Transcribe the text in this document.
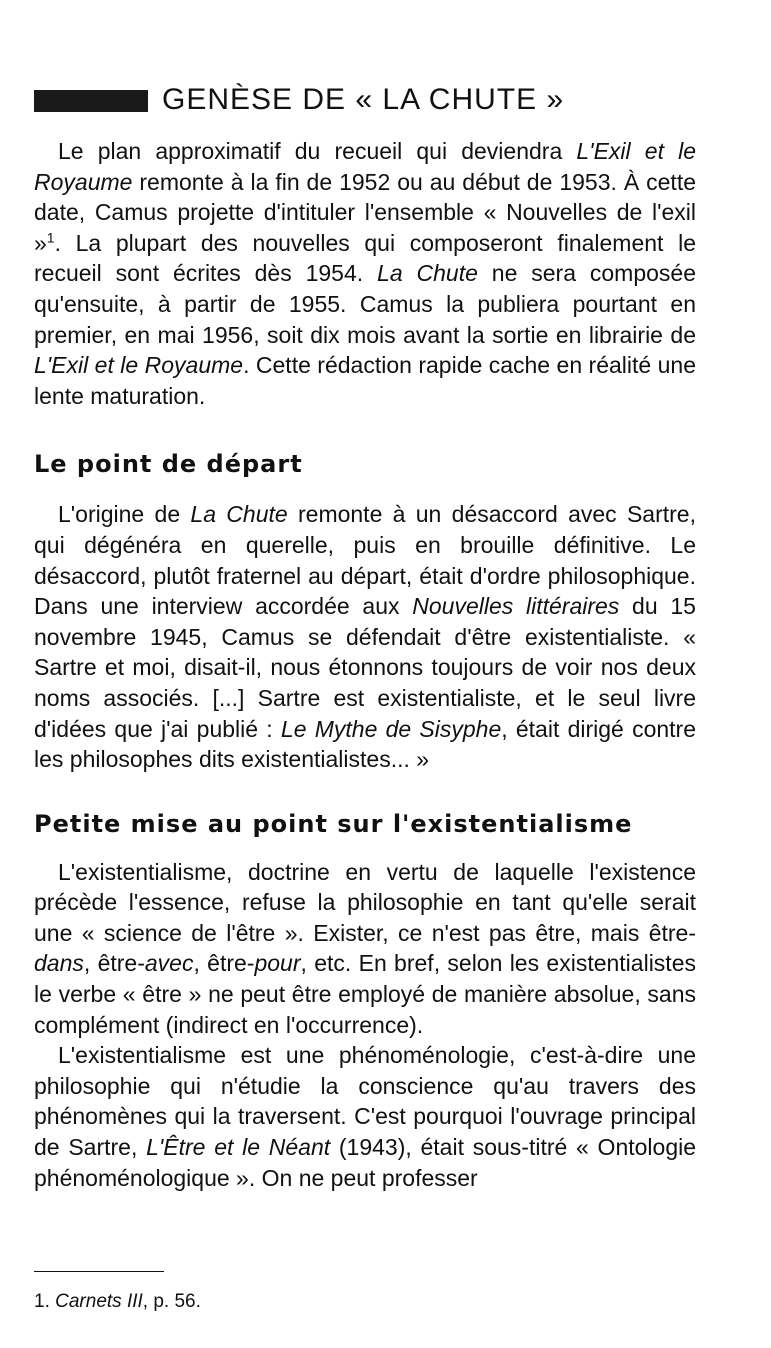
GENÈSE DE « LA CHUTE »

Le plan approximatif du recueil qui deviendra L'Exil et le Royaume remonte à la fin de 1952 ou au début de 1953. À cette date, Camus projette d'intituler l'ensemble « Nouvelles de l'exil »$^1$. La plupart des nouvelles qui composeront finalement le recueil sont écrites dès 1954. La Chute ne sera composée qu'ensuite, à partir de 1955. Camus la publiera pourtant en premier, en mai 1956, soit dix mois avant la sortie en librairie de L'Exil et le Royaume. Cette rédaction rapide cache en réalité une lente maturation.

Le point de départ

L'origine de La Chute remonte à un désaccord avec Sartre, qui dégénéra en querelle, puis en brouille définitive. Le désaccord, plutôt fraternel au départ, était d'ordre philosophique. Dans une interview accordée aux Nouvelles littéraires du 15 novembre 1945, Camus se défendait d'être existentialiste. « Sartre et moi, disait-il, nous étonnons toujours de voir nos deux noms associés. [...] Sartre est existentialiste, et le seul livre d'idées que j'ai publié : Le Mythe de Sisyphe, était dirigé contre les philosophes dits existentialistes... »

Petite mise au point sur l'existentialisme

L'existentialisme, doctrine en vertu de laquelle l'existence précède l'essence, refuse la philosophie en tant qu'elle serait une « science de l'être ». Exister, ce n'est pas être, mais être-dans, être-avec, être-pour, etc. En bref, selon les existentialistes le verbe « être » ne peut être employé de manière absolue, sans complément (indirect en l'occurrence).

L'existentialisme est une phénoménologie, c'est-à-dire une philosophie qui n'étudie la conscience qu'au travers des phénomènes qui la traversent. C'est pourquoi l'ouvrage principal de Sartre, L'Être et le Néant (1943), était sous-titré « Ontologie phénoménologique ». On ne peut professer

1. Carnets III, p. 56.
